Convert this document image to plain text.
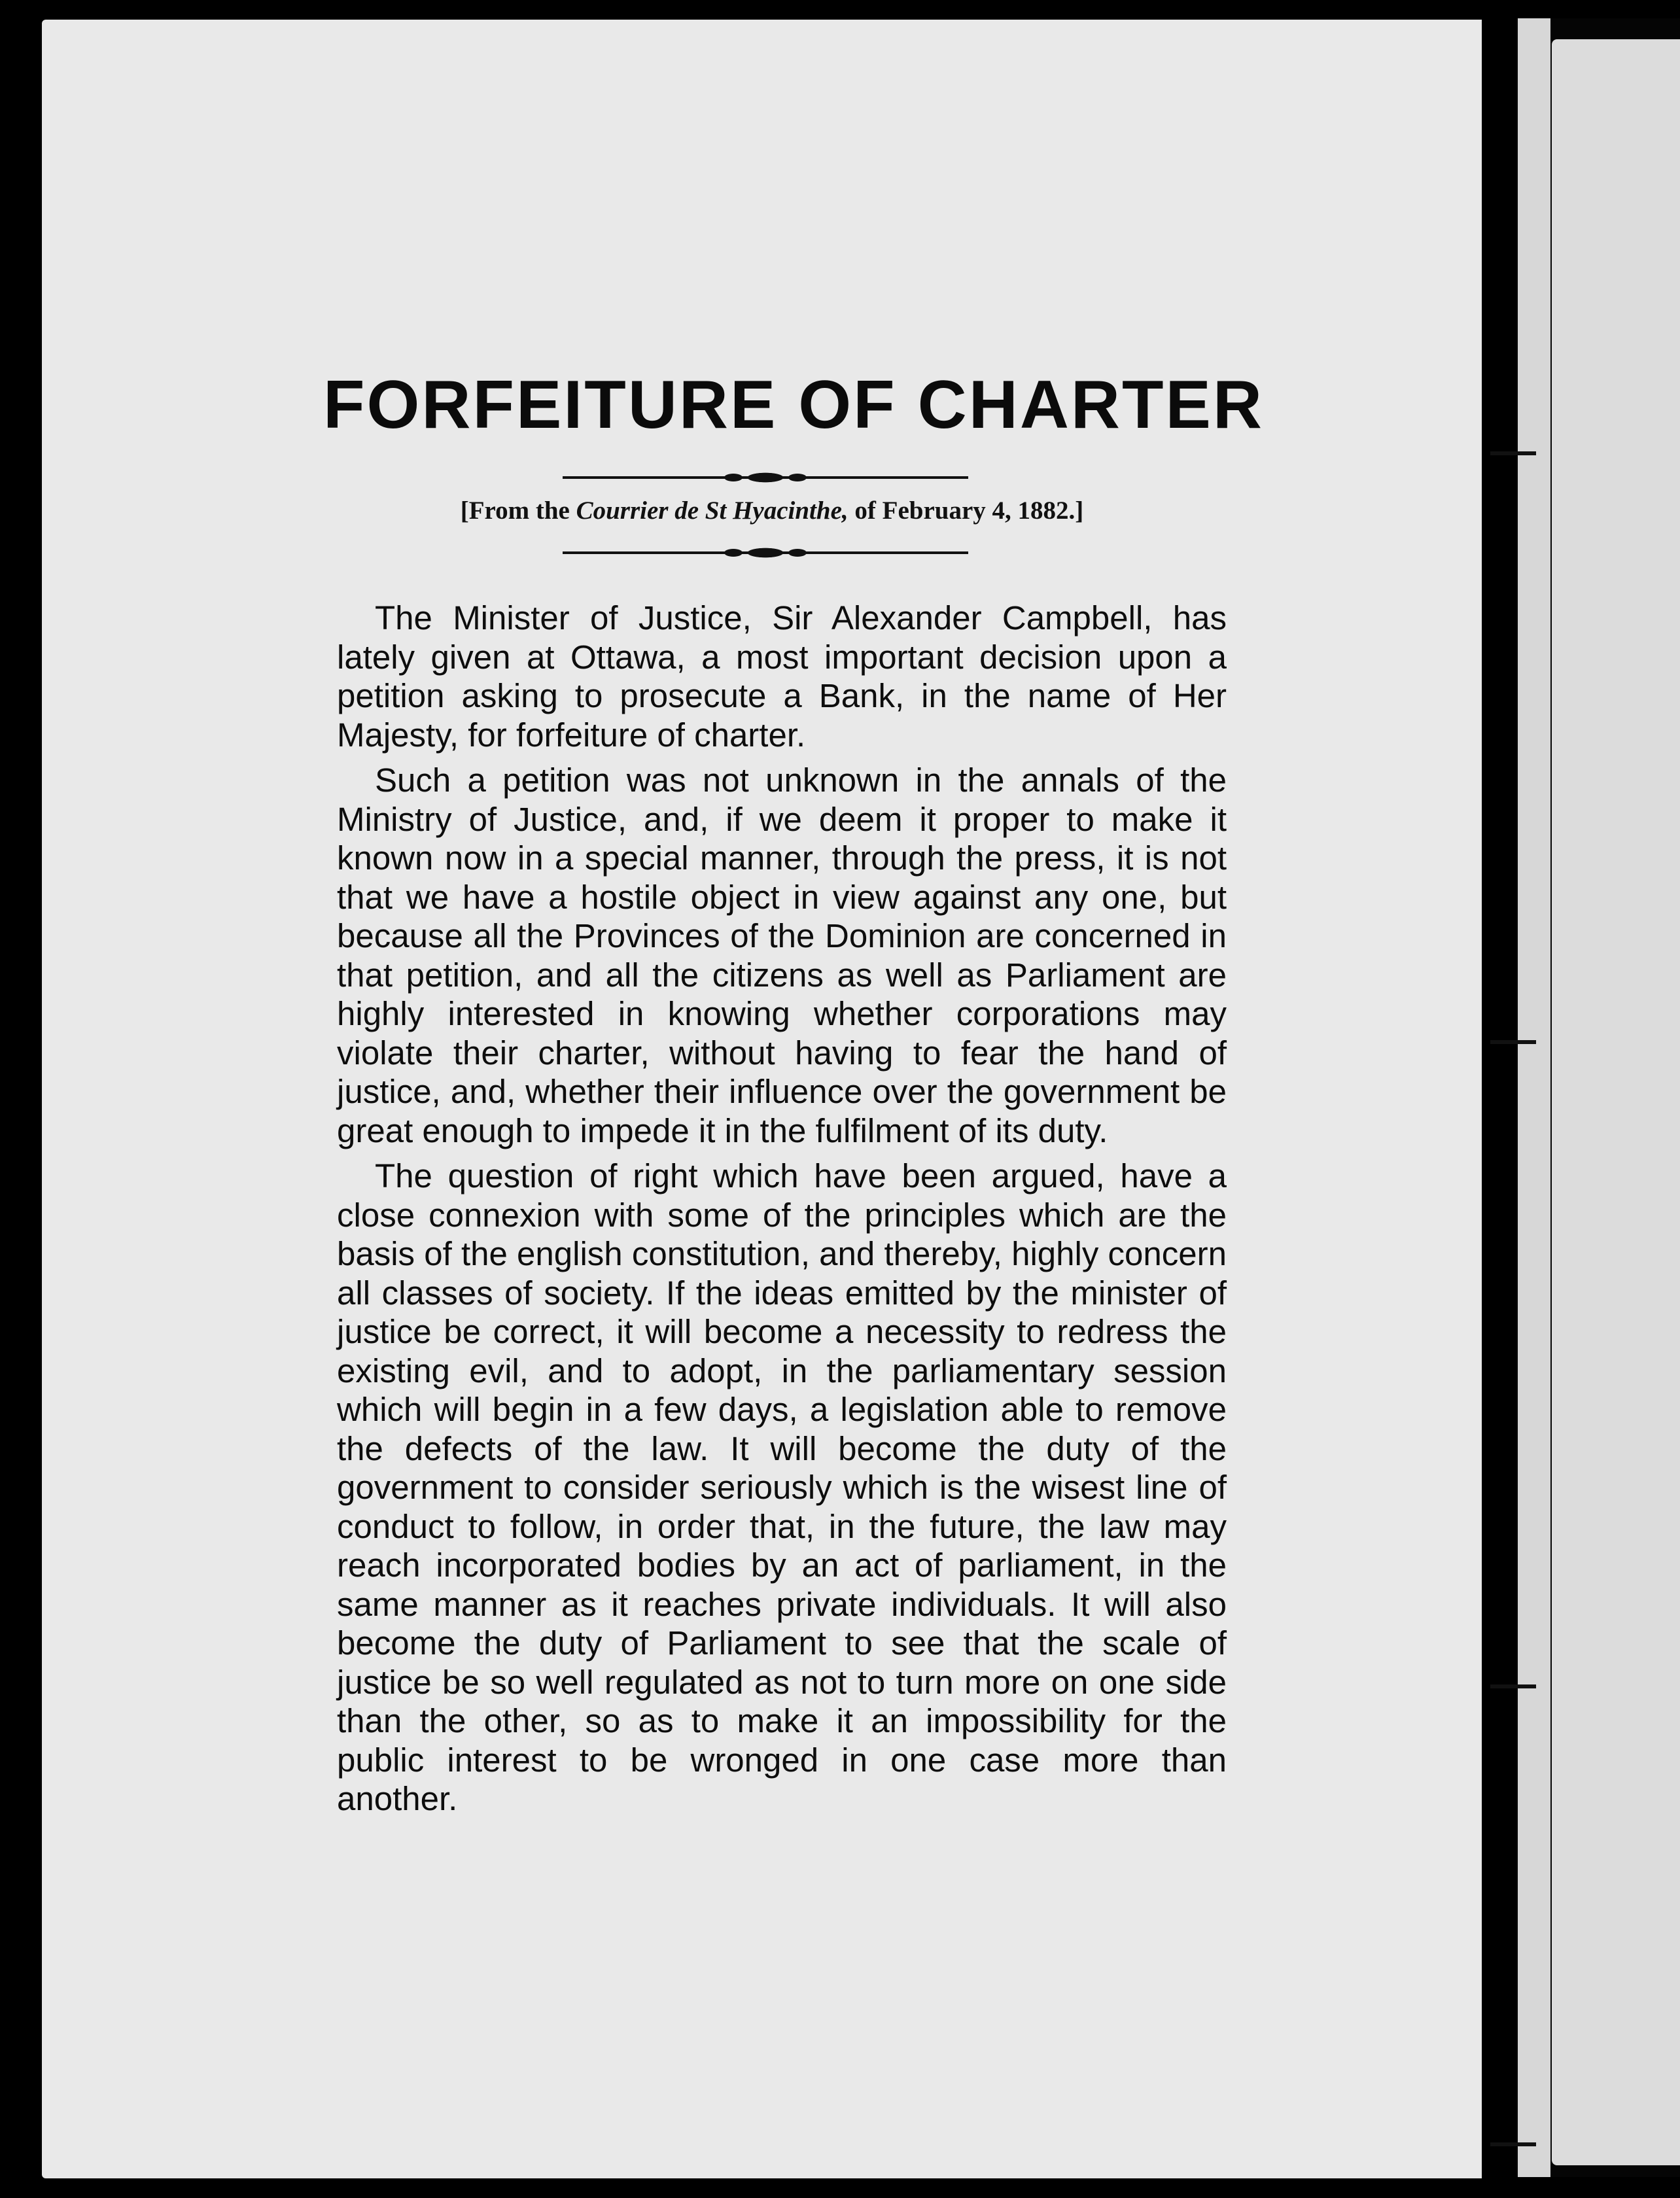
FORFEITURE OF CHARTER
[From the Courrier de St Hyacinthe, of February 4, 1882.]

The Minister of Justice, Sir Alexander Campbell, has lately given at Ottawa, a most important decision upon a petition asking to prosecute a Bank, in the name of Her Majesty, for forfeiture of charter.

Such a petition was not unknown in the annals of the Ministry of Justice, and, if we deem it proper to make it known now in a special manner, through the press, it is not that we have a hostile object in view against any one, but because all the Provinces of the Dominion are concerned in that petition, and all the citizens as well as Parliament are highly interested in knowing whether corporations may violate their charter, without having to fear the hand of justice, and, whether their influence over the government be great enough to impede it in the fulfilment of its duty.

The question of right which have been argued, have a close connexion with some of the principles which are the basis of the english constitution, and thereby, highly concern all classes of society. If the ideas emitted by the minister of justice be correct, it will become a necessity to redress the existing evil, and to adopt, in the parliamentary session which will begin in a few days, a legislation able to remove the defects of the law. It will become the duty of the government to consider seriously which is the wisest line of conduct to follow, in order that, in the future, the law may reach incorporated bodies by an act of parliament, in the same manner as it reaches private individuals. It will also become the duty of Parliament to see that the scale of justice be so well regulated as not to turn more on one side than the other, so as to make it an impossibility for the public interest to be wronged in one case more than another.
